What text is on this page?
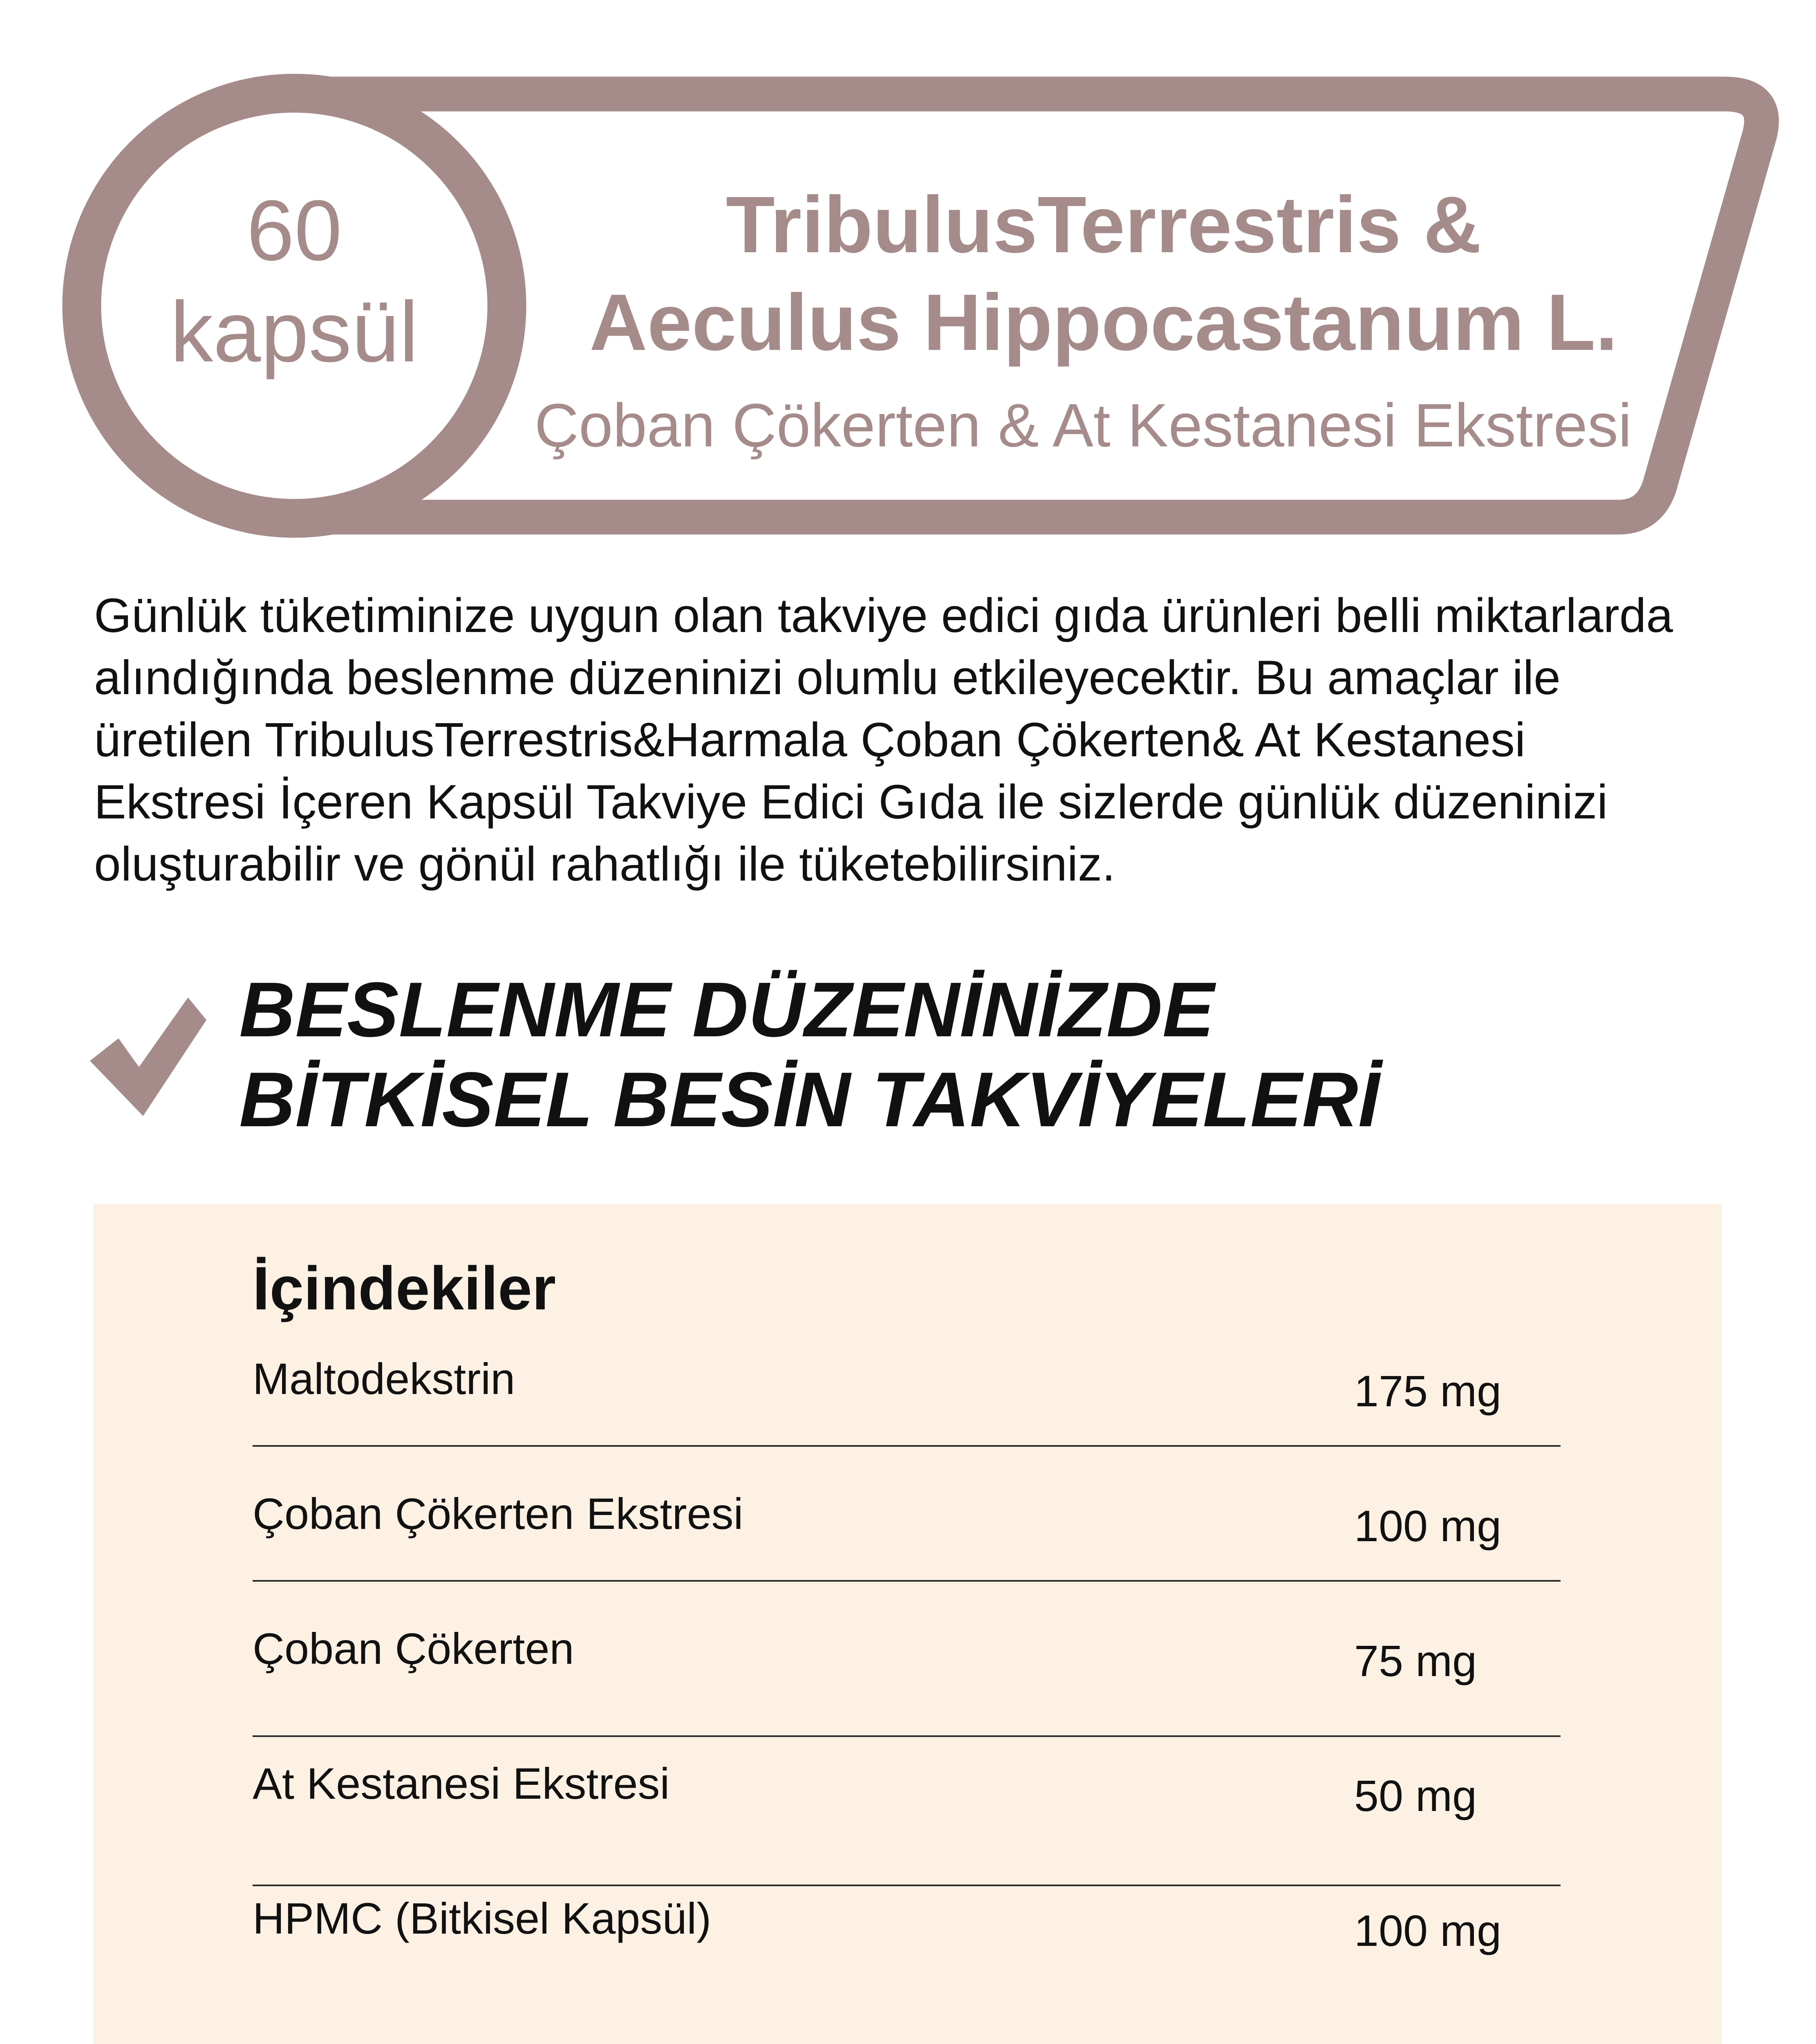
60
kapsül
TribulusTerrestris &
Aeculus Hippocastanum L.
Çoban Çökerten & At Kestanesi Ekstresi

Günlük tüketiminize uygun olan takviye edici gıda ürünleri belli miktarlarda alındığında beslenme düzeninizi olumlu etkileyecektir. Bu amaçlar ile üretilen TribulusTerrestris&Harmala Çoban Çökerten& At Kestanesi Ekstresi İçeren Kapsül Takviye Edici Gıda ile sizlerde günlük düzeninizi oluşturabilir ve gönül rahatlığı ile tüketebilirsiniz.

BESLENME DÜZENİNİZDE
BİTKİSEL BESİN TAKVİYELERİ
İçindekiler
Maltodekstrin	175 mg
Çoban Çökerten Ekstresi	100 mg
Çoban Çökerten	75 mg
At Kestanesi Ekstresi	50 mg
HPMC (Bitkisel Kapsül)	100 mg
